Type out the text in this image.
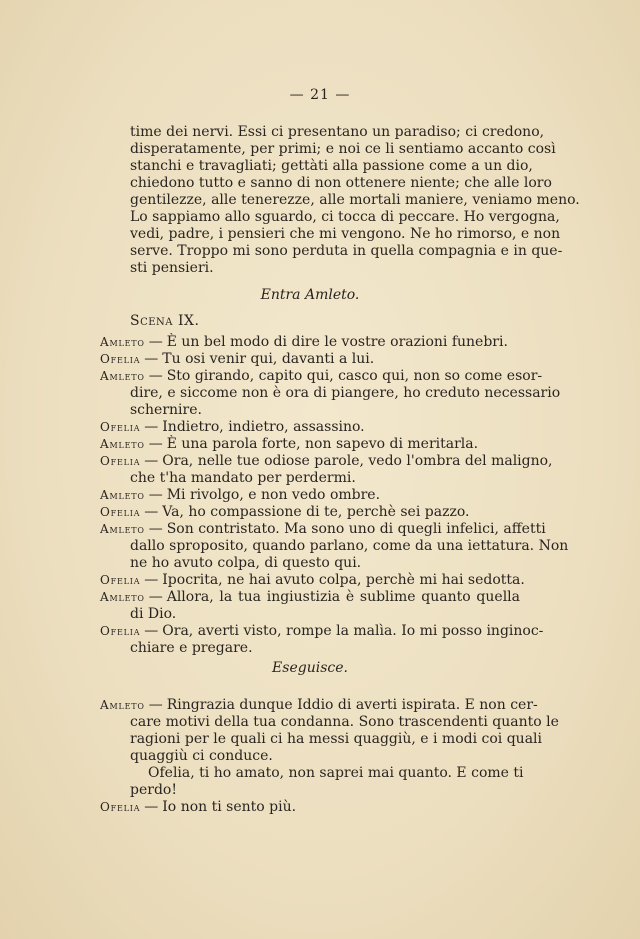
— 21 —
time dei nervi. Essi ci presentano un paradiso; ci credono,
disperatamente, per primi; e noi ce li sentiamo accanto così
stanchi e travagliati; gettàti alla passione come a un dio,
chiedono tutto e sanno di non ottenere niente; che alle loro
gentilezze, alle tenerezze, alle mortali maniere, veniamo meno.
Lo sappiamo allo sguardo, ci tocca di peccare. Ho vergogna,
vedi, padre, i pensieri che mi vengono. Ne ho rimorso, e non
serve. Troppo mi sono perduta in quella compagnia e in que-
sti pensieri.
Entra Amleto.
Scena IX.
Amleto — È un bel modo di dire le vostre orazioni funebri.
Ofelia — Tu osi venir qui, davanti a lui.
Amleto — Sto girando, capito qui, casco qui, non so come esor-
dire, e siccome non è ora di piangere, ho creduto necessario
schernire.
Ofelia — Indietro, indietro, assassino.
Amleto — È una parola forte, non sapevo di meritarla.
Ofelia — Ora, nelle tue odiose parole, vedo l'ombra del maligno,
che t'ha mandato per perdermi.
Amleto — Mi rivolgo, e non vedo ombre.
Ofelia — Va, ho compassione di te, perchè sei pazzo.
Amleto — Son contristato. Ma sono uno di quegli infelici, affetti
dallo sproposito, quando parlano, come da una iettatura. Non
ne ho avuto colpa, di questo qui.
Ofelia — Ipocrita, ne hai avuto colpa, perchè mi hai sedotta.
Amleto — Allora, la tua ingiustizia è sublime quanto quella
di Dio.
Ofelia — Ora, averti visto, rompe la malìa. Io mi posso inginoc-
chiare e pregare.
Eseguisce.
Amleto — Ringrazia dunque Iddio di averti ispirata. E non cer-
care motivi della tua condanna. Sono trascendenti quanto le
ragioni per le quali ci ha messi quaggiù, e i modi coi quali
quaggiù ci conduce.
Ofelia, ti ho amato, non saprei mai quanto. E come ti
perdo!
Ofelia — Io non ti sento più.
